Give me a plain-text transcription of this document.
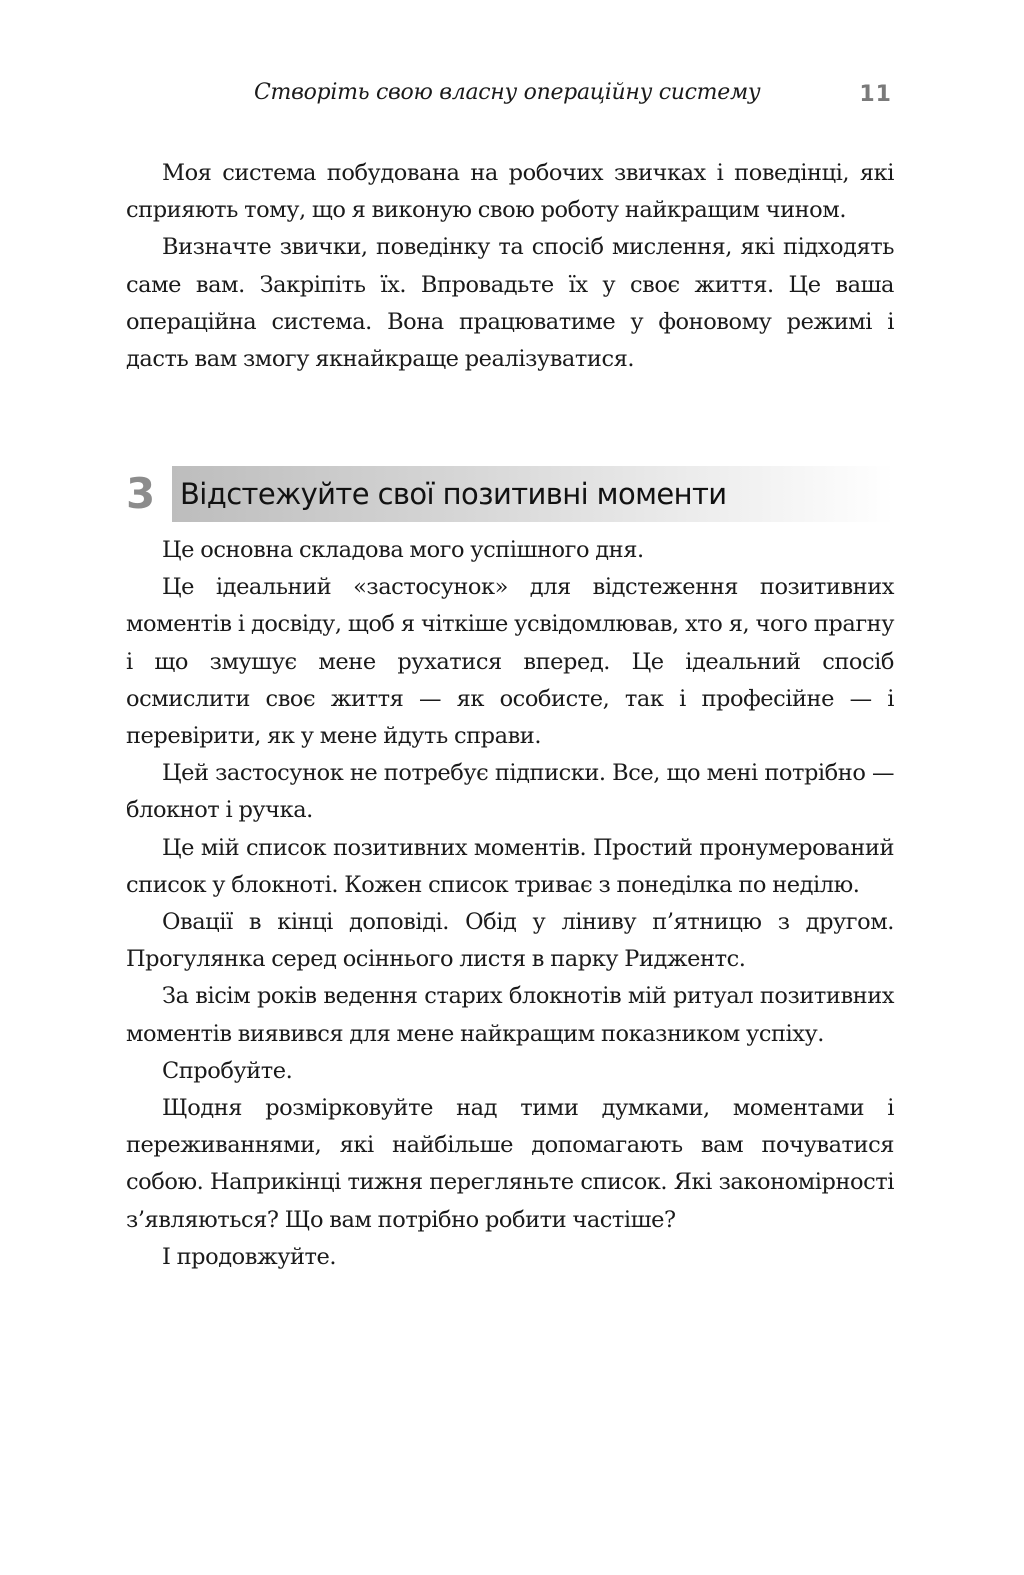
Створіть свою власну операційну систему	11

Моя система побудована на робочих звичках і поведінці, які сприяють тому, що я виконую свою роботу найкращим чином.

Визначте звички, поведінку та спосіб мислення, які підходять саме вам. Закріпіть їх. Впровадьте їх у своє життя. Це ваша операційна система. Вона працюватиме у фоновому режимі і дасть вам змогу якнайкраще реалізуватися.

3 Відстежуйте свої позитивні моменти

Це основна складова мого успішного дня.

Це ідеальний «застосунок» для відстеження позитивних моментів і досвіду, щоб я чіткіше усвідомлював, хто я, чого прагну і що змушує мене рухатися вперед. Це ідеальний спосіб осмислити своє життя — як особисте, так і професійне — і перевірити, як у мене йдуть справи.

Цей застосунок не потребує підписки. Все, що мені потрібно — блокнот і ручка.

Це мій список позитивних моментів. Простий пронумерований список у блокноті. Кожен список триває з понеділка по неділю.

Овації в кінці доповіді. Обід у ліниву п’ятницю з другом. Прогулянка серед осіннього листя в парку Риджентс.

За вісім років ведення старих блокнотів мій ритуал позитивних моментів виявився для мене найкращим показником успіху.

Спробуйте.

Щодня розмірковуйте над тими думками, моментами і переживаннями, які найбільше допомагають вам почуватися собою. Наприкінці тижня перегляньте список. Які закономірності з’являються? Що вам потрібно робити частіше?

І продовжуйте.
